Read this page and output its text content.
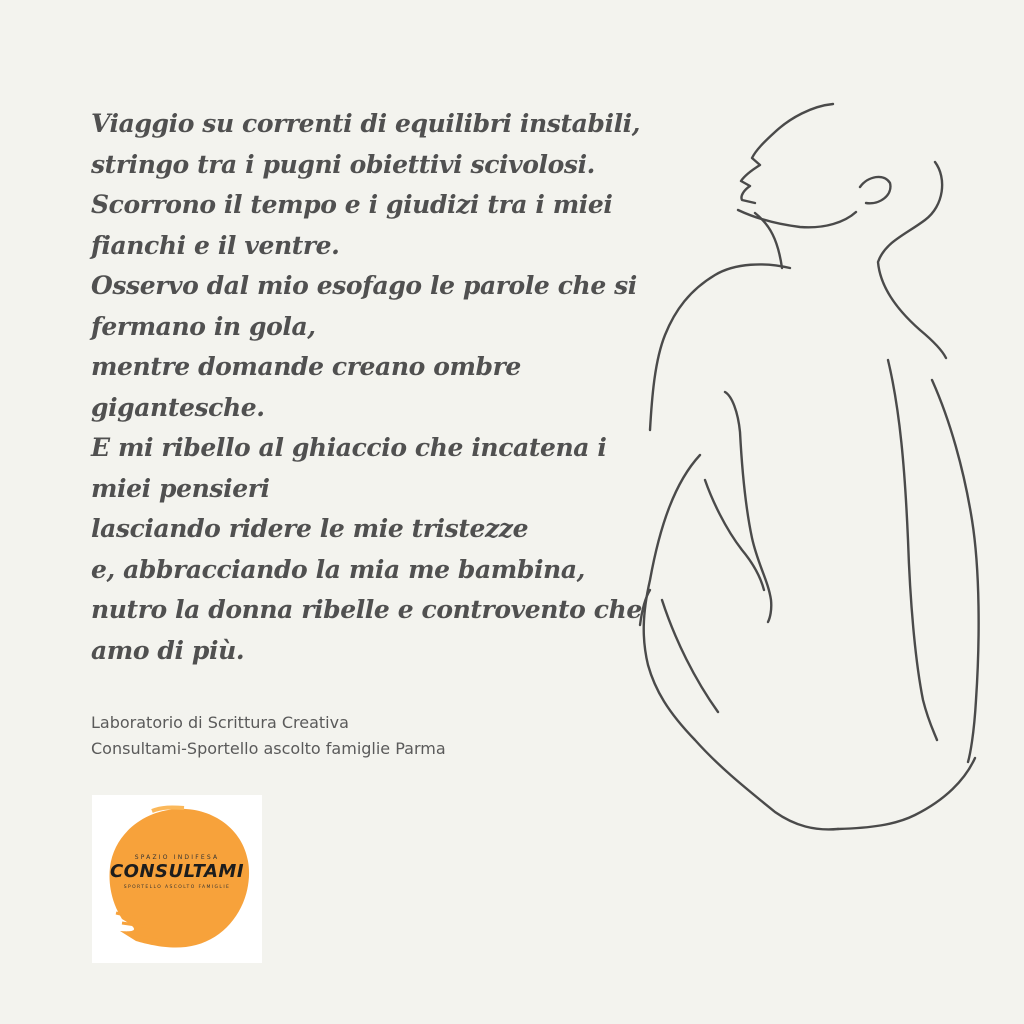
Viaggio su correnti di equilibri instabili,
stringo tra i pugni obiettivi scivolosi.
Scorrono il tempo e i giudizi tra i miei
fianchi e il ventre.
Osservo dal mio esofago le parole che si
fermano in gola,
mentre domande creano ombre
gigantesche.
E mi ribello al ghiaccio che incatena i
miei pensieri
lasciando ridere le mie tristezze
e, abbracciando la mia me bambina,
nutro la donna ribelle e controvento che
amo di più.
Laboratorio di Scrittura Creativa
Consultami-Sportello ascolto famiglie Parma
SPAZIO INDIFESA
CONSULTAMI
SPORTELLO ASCOLTO FAMIGLIE
